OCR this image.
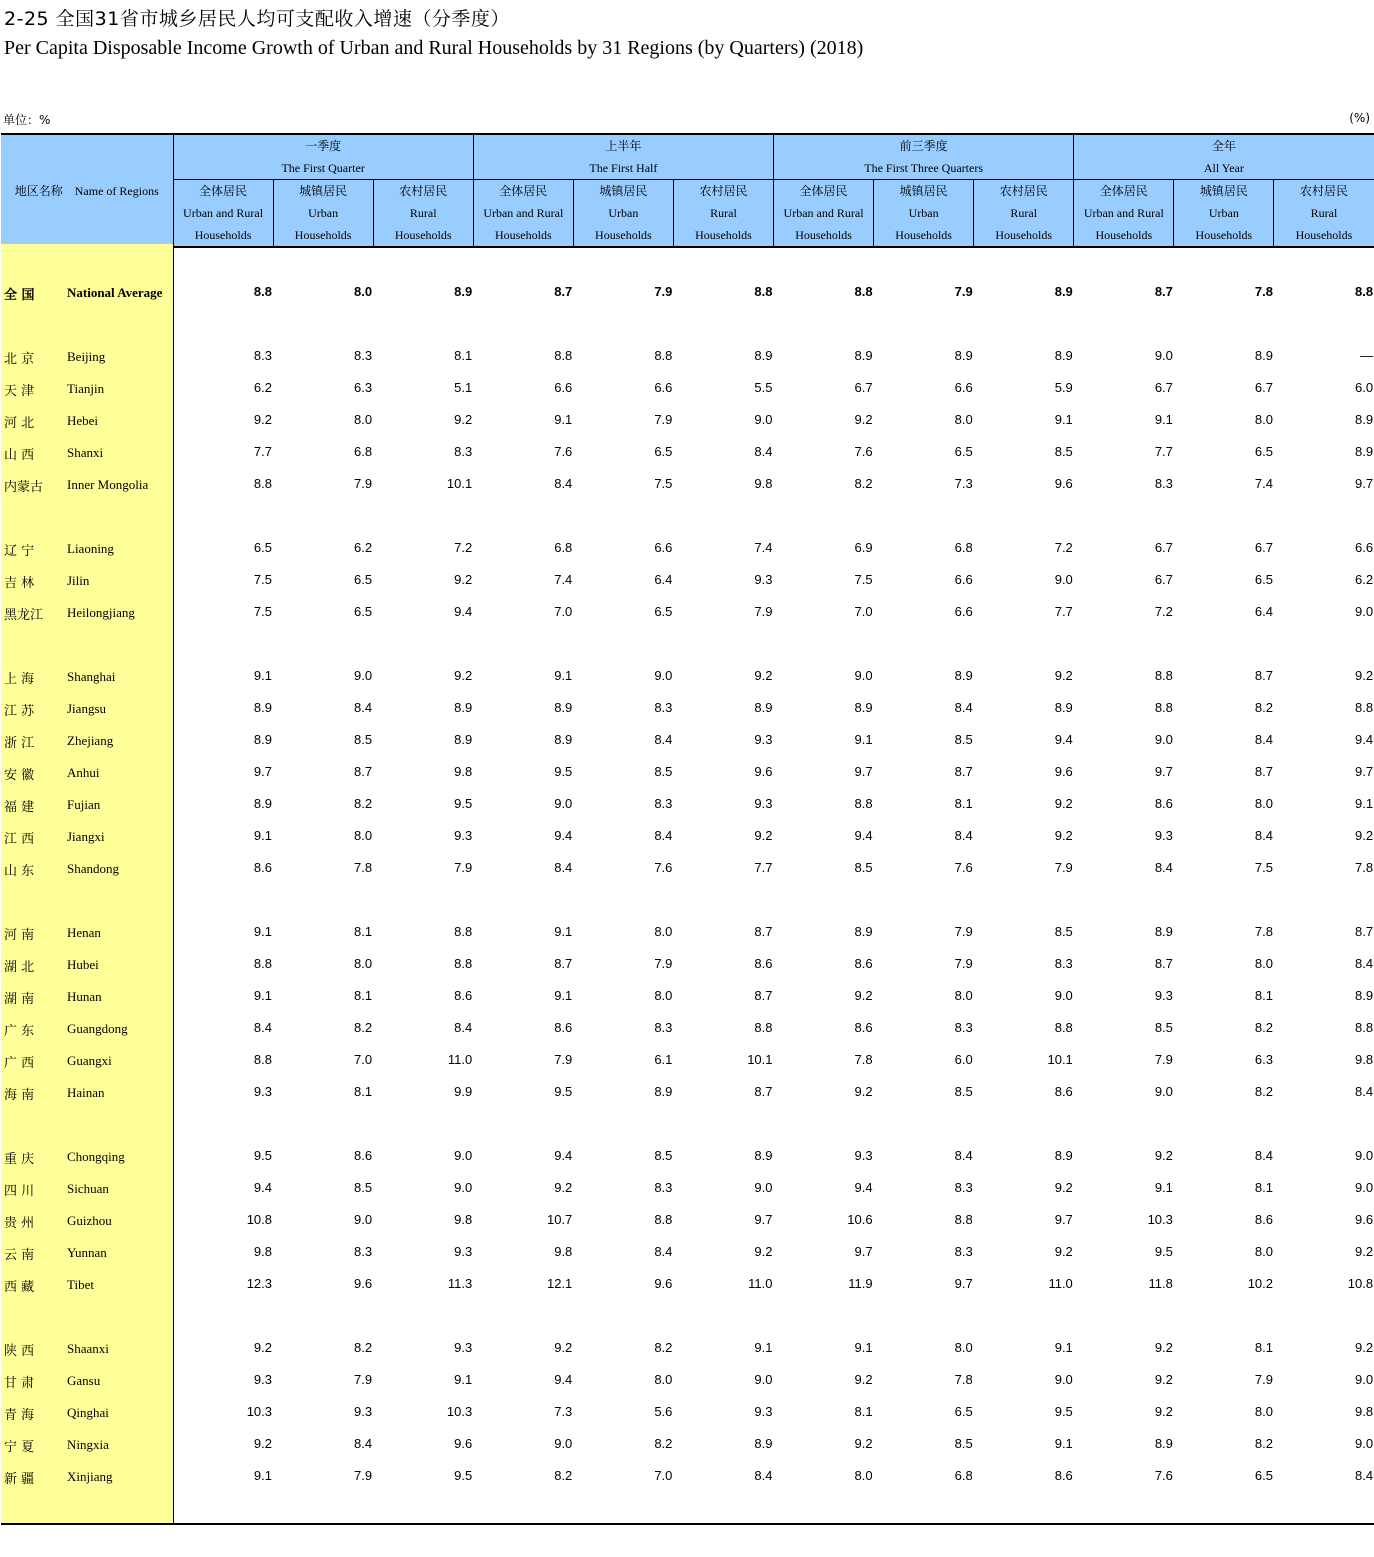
2-25 全国31省市城乡居民人均可支配收入增速（分季度）
Per Capita Disposable Income Growth of Urban and Rural Households by 31 Regions (by Quarters) (2018)
单位：%	(%)
地区名称 Name of Regions	一季度
The First Quarter			上半年
The First Half			前三季度
The First Three Quarters			全年
All Year		
	全体居民
Urban and Rural
Households	城镇居民
Urban
Households	农村居民
Rural
Households	全体居民
Urban and Rural
Households	城镇居民
Urban
Households	农村居民
Rural
Households	全体居民
Urban and Rural
Households	城镇居民
Urban
Households	农村居民
Rural
Households	全体居民
Urban and Rural
Households	城镇居民
Urban
Households	农村居民
Rural
Households
全 国 National Average	8.8	8.0	8.9	8.7	7.9	8.8	8.8	7.9	8.9	8.7	7.8	8.8
北 京	Beijing	8.3	8.3	8.1	8.8	8.8	8.9	8.9	8.9	8.9	9.0	8.9	—
天 津	Tianjin	6.2	6.3	5.1	6.6	6.6	5.5	6.7	6.6	5.9	6.7	6.7	6.0
河 北	Hebei	9.2	8.0	9.2	9.1	7.9	9.0	9.2	8.0	9.1	9.1	8.0	8.9
山 西	Shanxi	7.7	6.8	8.3	7.6	6.5	8.4	7.6	6.5	8.5	7.7	6.5	8.9
内蒙古 Inner Mongolia	8.8	7.9	10.1	8.4	7.5	9.8	8.2	7.3	9.6	8.3	7.4	9.7
辽 宁	Liaoning	6.5	6.2	7.2	6.8	6.6	7.4	6.9	6.8	7.2	6.7	6.7	6.6
吉 林	Jilin	7.5	6.5	9.2	7.4	6.4	9.3	7.5	6.6	9.0	6.7	6.5	6.2
黑龙江 Heilongjiang	7.5	6.5	9.4	7.0	6.5	7.9	7.0	6.6	7.7	7.2	6.4	9.0
上 海	Shanghai	9.1	9.0	9.2	9.1	9.0	9.2	9.0	8.9	9.2	8.8	8.7	9.2
江 苏	Jiangsu	8.9	8.4	8.9	8.9	8.3	8.9	8.9	8.4	8.9	8.8	8.2	8.8
浙 江	Zhejiang	8.9	8.5	8.9	8.9	8.4	9.3	9.1	8.5	9.4	9.0	8.4	9.4
安 徽	Anhui	9.7	8.7	9.8	9.5	8.5	9.6	9.7	8.7	9.6	9.7	8.7	9.7
福 建	Fujian	8.9	8.2	9.5	9.0	8.3	9.3	8.8	8.1	9.2	8.6	8.0	9.1
江 西	Jiangxi	9.1	8.0	9.3	9.4	8.4	9.2	9.4	8.4	9.2	9.3	8.4	9.2
山 东	Shandong	8.6	7.8	7.9	8.4	7.6	7.7	8.5	7.6	7.9	8.4	7.5	7.8
河 南	Henan	9.1	8.1	8.8	9.1	8.0	8.7	8.9	7.9	8.5	8.9	7.8	8.7
湖 北	Hubei	8.8	8.0	8.8	8.7	7.9	8.6	8.6	7.9	8.3	8.7	8.0	8.4
湖 南	Hunan	9.1	8.1	8.6	9.1	8.0	8.7	9.2	8.0	9.0	9.3	8.1	8.9
广 东	Guangdong	8.4	8.2	8.4	8.6	8.3	8.8	8.6	8.3	8.8	8.5	8.2	8.8
广 西	Guangxi	8.8	7.0	11.0	7.9	6.1	10.1	7.8	6.0	10.1	7.9	6.3	9.8
海 南	Hainan	9.3	8.1	9.9	9.5	8.9	8.7	9.2	8.5	8.6	9.0	8.2	8.4
重 庆	Chongqing	9.5	8.6	9.0	9.4	8.5	8.9	9.3	8.4	8.9	9.2	8.4	9.0
四 川	Sichuan	9.4	8.5	9.0	9.2	8.3	9.0	9.4	8.3	9.2	9.1	8.1	9.0
贵 州	Guizhou	10.8	9.0	9.8	10.7	8.8	9.7	10.6	8.8	9.7	10.3	8.6	9.6
云 南	Yunnan	9.8	8.3	9.3	9.8	8.4	9.2	9.7	8.3	9.2	9.5	8.0	9.2
西 藏	Tibet	12.3	9.6	11.3	12.1	9.6	11.0	11.9	9.7	11.0	11.8	10.2	10.8
陕 西	Shaanxi	9.2	8.2	9.3	9.2	8.2	9.1	9.1	8.0	9.1	9.2	8.1	9.2
甘 肃	Gansu	9.3	7.9	9.1	9.4	8.0	9.0	9.2	7.8	9.0	9.2	7.9	9.0
青 海	Qinghai	10.3	9.3	10.3	7.3	5.6	9.3	8.1	6.5	9.5	9.2	8.0	9.8
宁 夏	Ningxia	9.2	8.4	9.6	9.0	8.2	8.9	9.2	8.5	9.1	8.9	8.2	9.0
新 疆	Xinjiang	9.1	7.9	9.5	8.2	7.0	8.4	8.0	6.8	8.6	7.6	6.5	8.4
